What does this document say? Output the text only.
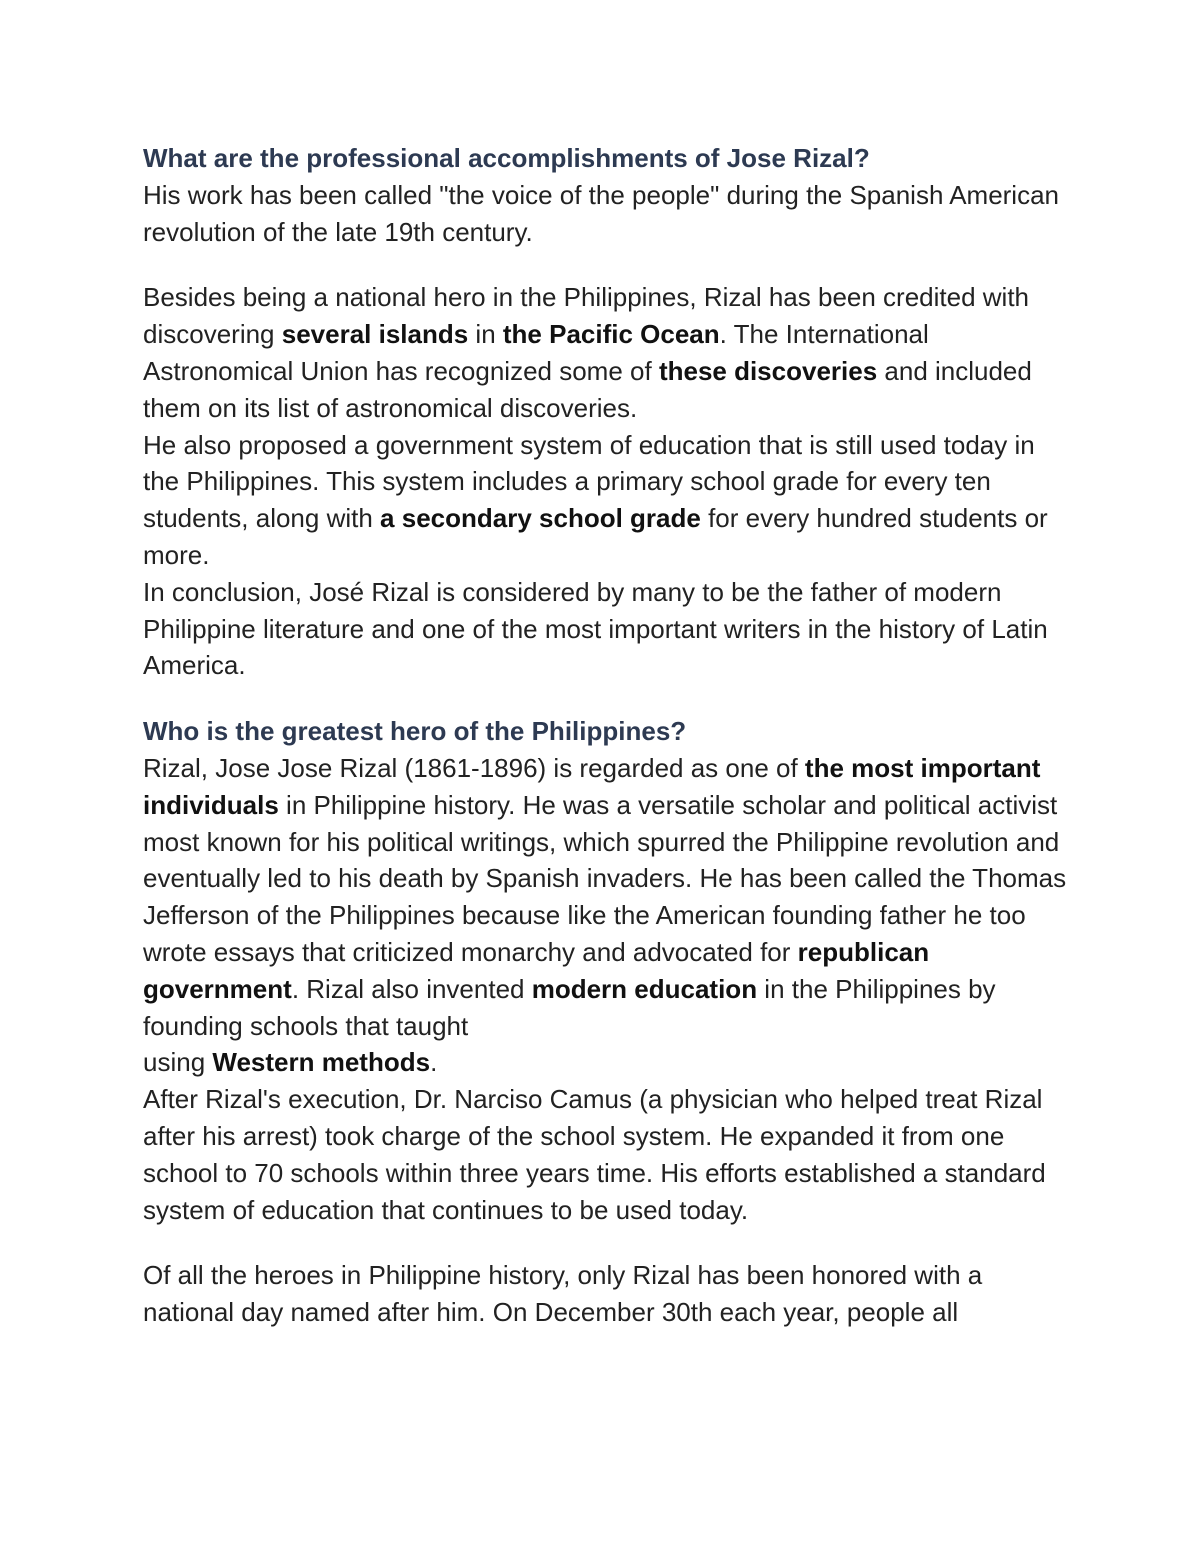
What are the professional accomplishments of Jose Rizal?

His work has been called "the voice of the people" during the Spanish American revolution of the late 19th century.

Besides being a national hero in the Philippines, Rizal has been credited with discovering several islands in the Pacific Ocean. The International Astronomical Union has recognized some of these discoveries and included them on its list of astronomical discoveries.

He also proposed a government system of education that is still used today in the Philippines. This system includes a primary school grade for every ten students, along with a secondary school grade for every hundred students or more.

In conclusion, José Rizal is considered by many to be the father of modern Philippine literature and one of the most important writers in the history of Latin America.

Who is the greatest hero of the Philippines?

Rizal, Jose Jose Rizal (1861-1896) is regarded as one of the most important individuals in Philippine history. He was a versatile scholar and political activist most known for his political writings, which spurred the Philippine revolution and eventually led to his death by Spanish invaders. He has been called the Thomas Jefferson of the Philippines because like the American founding father he too wrote essays that criticized monarchy and advocated for republican government. Rizal also invented modern education in the Philippines by founding schools that taught
using Western methods.

After Rizal's execution, Dr. Narciso Camus (a physician who helped treat Rizal after his arrest) took charge of the school system. He expanded it from one school to 70 schools within three years time. His efforts established a standard system of education that continues to be used today.

Of all the heroes in Philippine history, only Rizal has been honored with a national day named after him. On December 30th each year, people all
